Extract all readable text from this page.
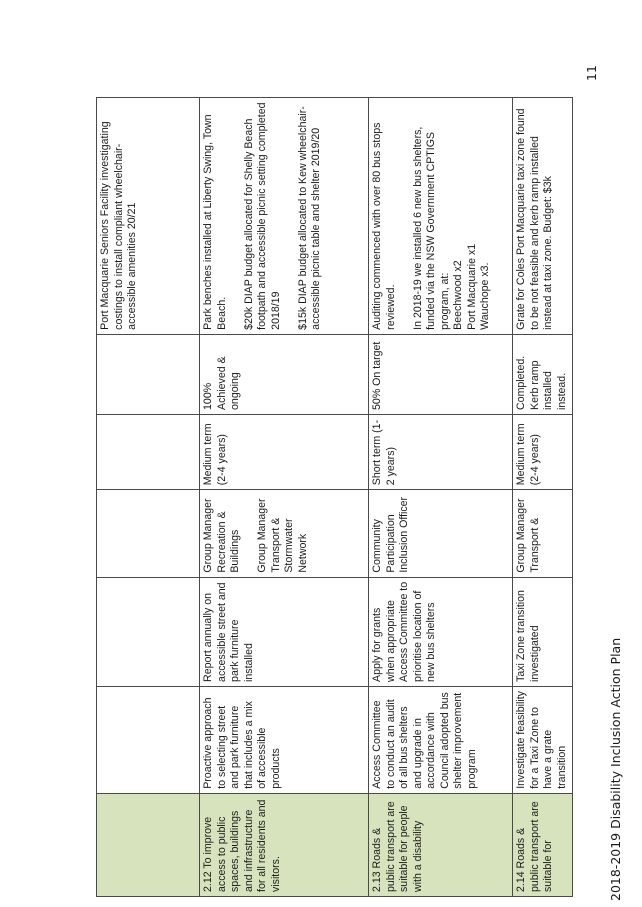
						Port Macquarie Seniors Facility investigating costings to install compliant wheelchair-accessible amenities 20/21
2.12 To improve access to public spaces, buildings and infrastructure for all residents and visitors.	Proactive approach to selecting street and park furniture that includes a mix of accessible products	Report annually on accessible street and park furniture installed	Group Manager Recreation & Buildings

Group Manager Transport & Stormwater Network	Medium term (2-4 years)	100% Achieved & ongoing	Park benches installed at Liberty Swing, Town Beach.

$20k DIAP budget allocated for Shelly Beach footpath and accessible picnic setting completed 2018/19

$15k DIAP budget allocated to Kew wheelchair-accessible picnic table and shelter 2019/20
2.13 Roads & public transport are suitable for people with a disability	Access Committee to conduct an audit of all bus shelters and upgrade in accordance with Council adopted bus shelter improvement program	Apply for grants when appropriate Access Committee to prioritise location of new bus shelters	Community Participation Inclusion Officer	Short term (1-2 years)	50% On target	Auditing commenced with over 80 bus stops reviewed.

In 2018-19 we installed 6 new bus shelters, funded via the NSW Government CPTIGS program, at:
Beechwood x2
Port Macquarie x1
Wauchope x3.
2.14 Roads & public transport are suitable for	Investigate feasibility for a Taxi Zone to have a grate transition	Taxi Zone transition investigated	Group Manager Transport &	Medium term (2-4 years)	Completed. Kerb ramp installed instead.	Grate for Coles Port Macquarie taxi zone found to be not feasible and kerb ramp installed instead at taxi zone. Budget: $3k
11
2018-2019 Disability Inclusion Action Plan
